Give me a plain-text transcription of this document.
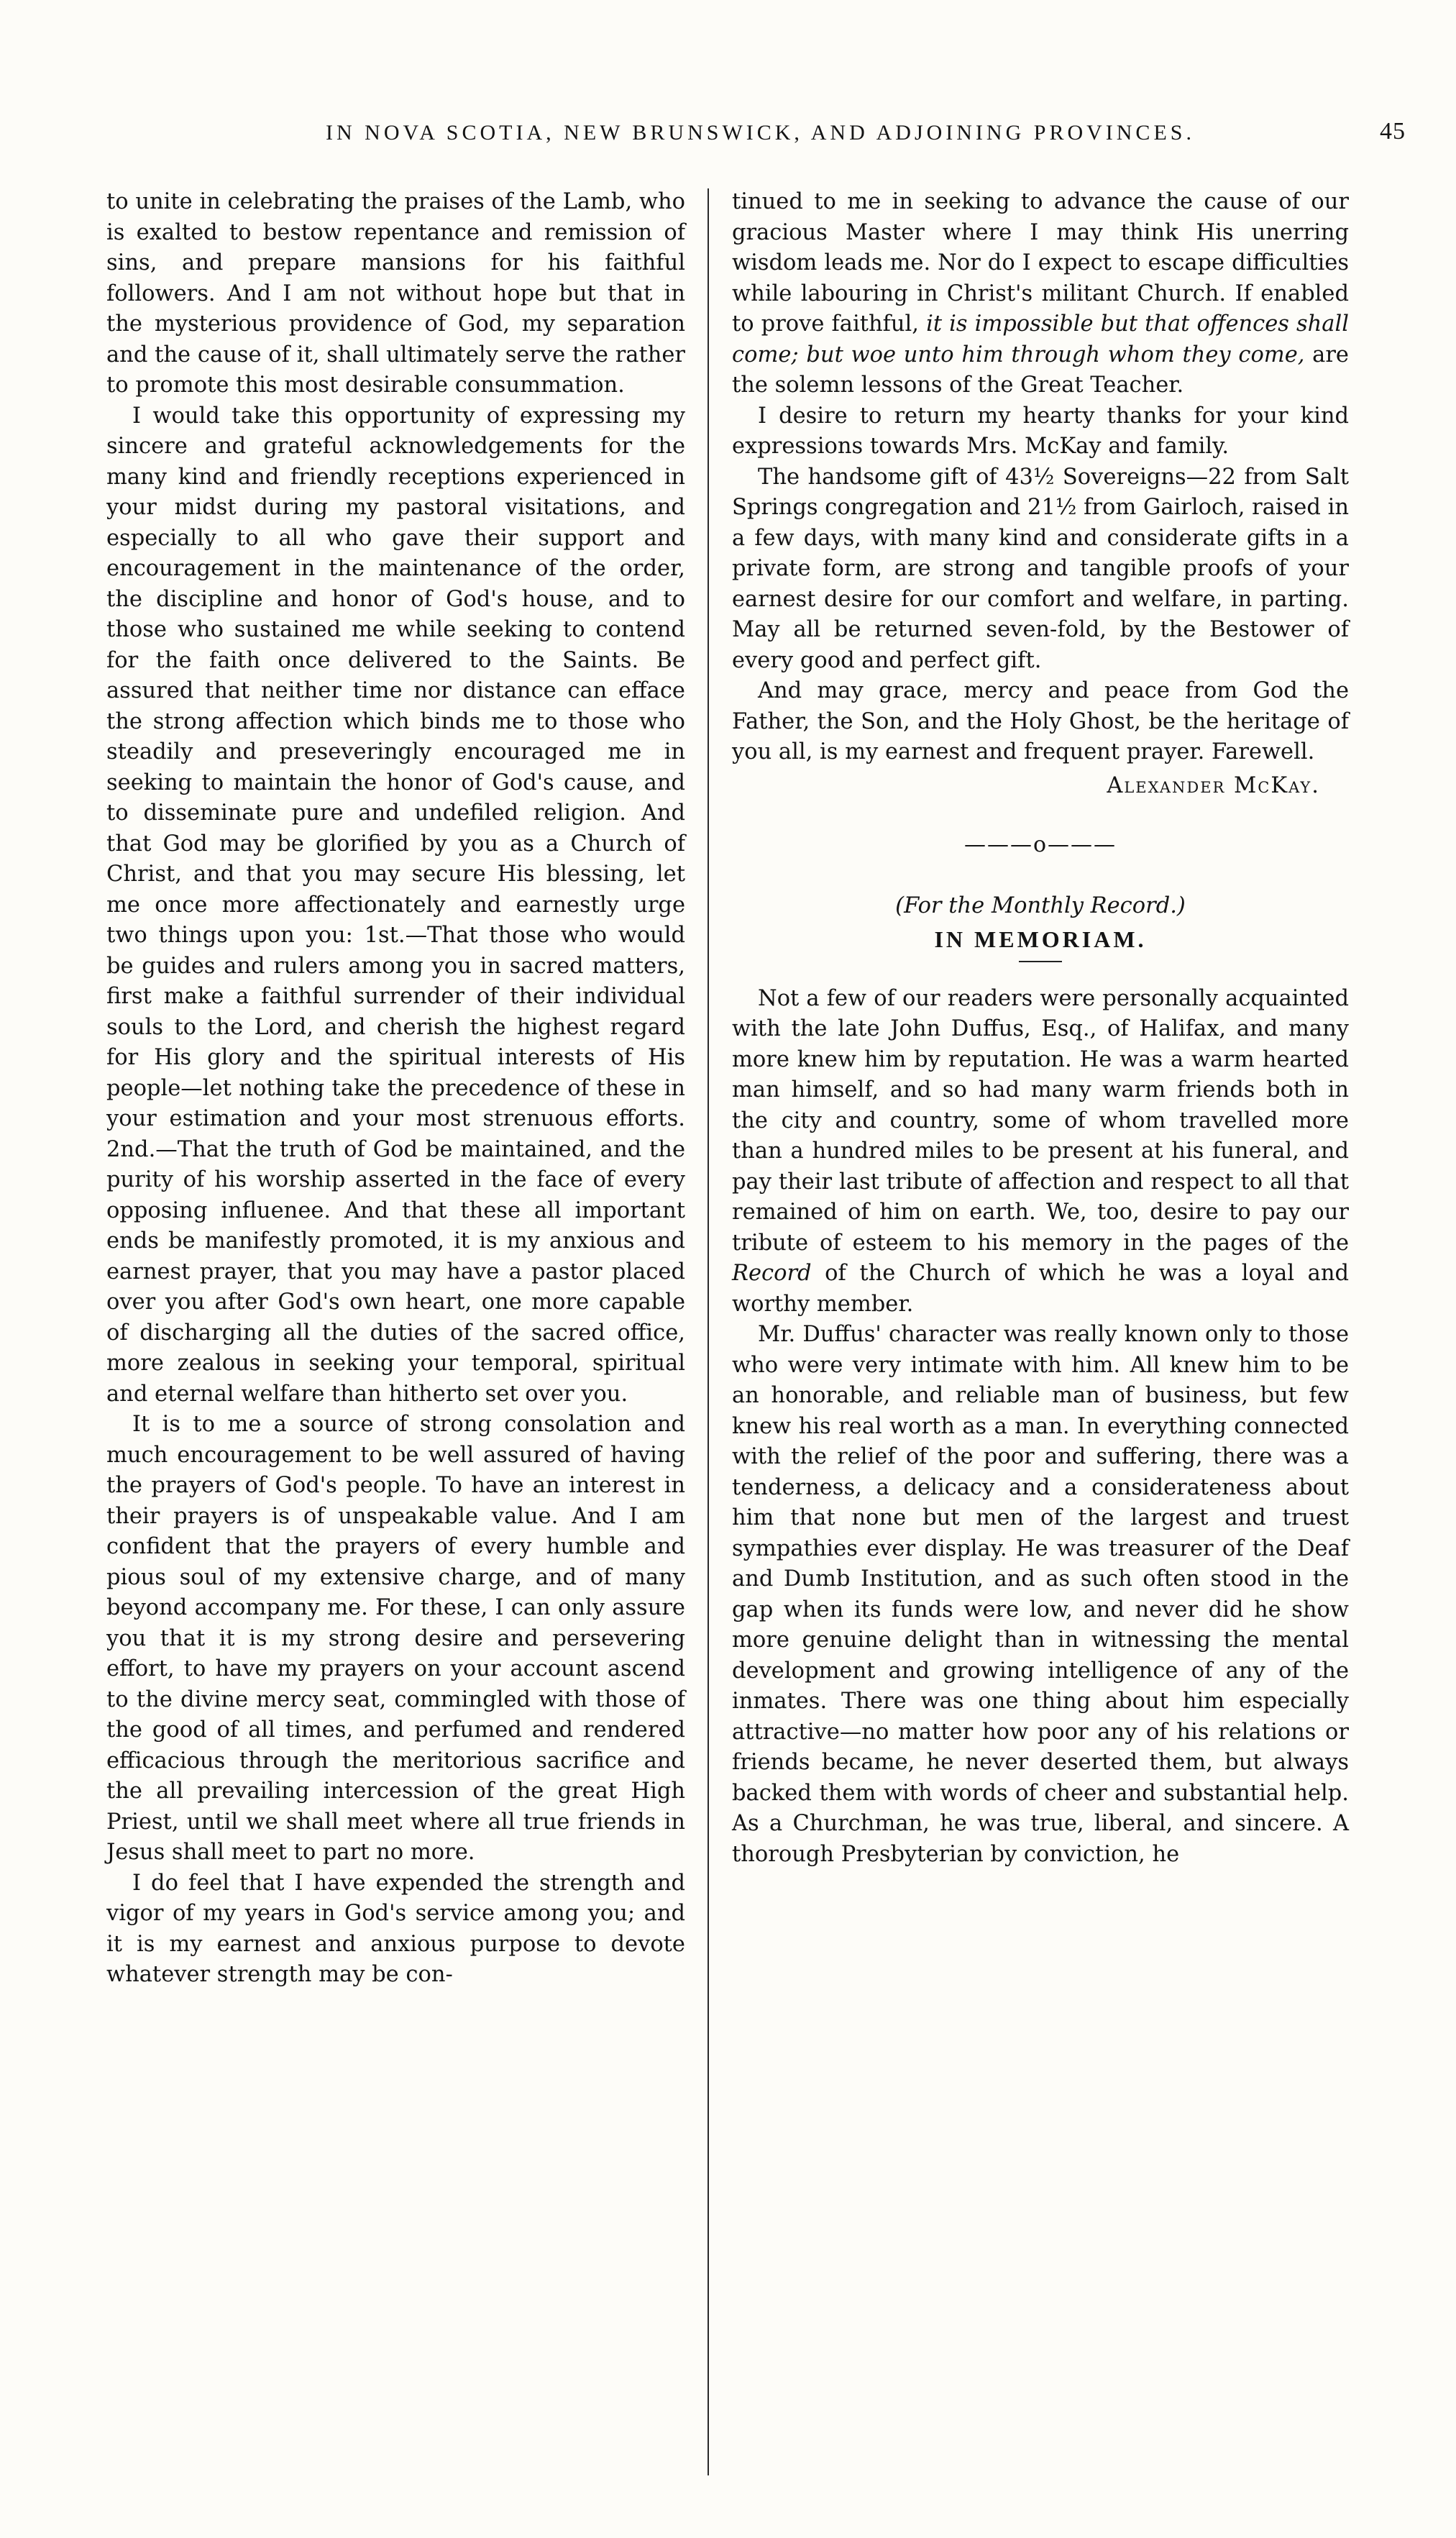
IN NOVA SCOTIA, NEW BRUNSWICK, AND ADJOINING PROVINCES.	45

to unite in celebrating the praises of the Lamb, who is exalted to bestow repentance and remission of sins, and prepare mansions for his faithful followers. And I am not without hope but that in the mysterious providence of God, my separation and the cause of it, shall ultimately serve the rather to promote this most desirable consummation.

I would take this opportunity of expressing my sincere and grateful acknowledgements for the many kind and friendly receptions experienced in your midst during my pastoral visitations, and especially to all who gave their support and encouragement in the maintenance of the order, the discipline and honor of God's house, and to those who sustained me while seeking to contend for the faith once delivered to the Saints. Be assured that neither time nor distance can efface the strong affection which binds me to those who steadily and preseveringly encouraged me in seeking to maintain the honor of God's cause, and to disseminate pure and undefiled religion. And that God may be glorified by you as a Church of Christ, and that you may secure His blessing, let me once more affectionately and earnestly urge two things upon you: 1st.—That those who would be guides and rulers among you in sacred matters, first make a faithful surrender of their individual souls to the Lord, and cherish the highest regard for His glory and the spiritual interests of His people—let nothing take the precedence of these in your estimation and your most strenuous efforts. 2nd.—That the truth of God be maintained, and the purity of his worship asserted in the face of every opposing influenee. And that these all important ends be manifestly promoted, it is my anxious and earnest prayer, that you may have a pastor placed over you after God's own heart, one more capable of discharging all the duties of the sacred office, more zealous in seeking your temporal, spiritual and eternal welfare than hitherto set over you.

It is to me a source of strong consolation and much encouragement to be well assured of having the prayers of God's people. To have an interest in their prayers is of unspeakable value. And I am confident that the prayers of every humble and pious soul of my extensive charge, and of many beyond accompany me. For these, I can only assure you that it is my strong desire and persevering effort, to have my prayers on your account ascend to the divine mercy seat, commingled with those of the good of all times, and perfumed and rendered efficacious through the meritorious sacrifice and the all prevailing intercession of the great High Priest, until we shall meet where all true friends in Jesus shall meet to part no more.

I do feel that I have expended the strength and vigor of my years in God's service among you; and it is my earnest and anxious purpose to devote whatever strength may be con-

tinued to me in seeking to advance the cause of our gracious Master where I may think His unerring wisdom leads me. Nor do I expect to escape difficulties while labouring in Christ's militant Church. If enabled to prove faithful, it is impossible but that offences shall come; but woe unto him through whom they come, are the solemn lessons of the Great Teacher.

I desire to return my hearty thanks for your kind expressions towards Mrs. McKay and family.

The handsome gift of 43½ Sovereigns—22 from Salt Springs congregation and 21½ from Gairloch, raised in a few days, with many kind and considerate gifts in a private form, are strong and tangible proofs of your earnest desire for our comfort and welfare, in parting. May all be returned seven-fold, by the Bestower of every good and perfect gift.

And may grace, mercy and peace from God the Father, the Son, and the Holy Ghost, be the heritage of you all, is my earnest and frequent prayer. Farewell.

Alexander McKay.
———o———
(For the Monthly Record.)
IN MEMORIAM.

Not a few of our readers were personally acquainted with the late John Duffus, Esq., of Halifax, and many more knew him by reputation. He was a warm hearted man himself, and so had many warm friends both in the city and country, some of whom travelled more than a hundred miles to be present at his funeral, and pay their last tribute of affection and respect to all that remained of him on earth. We, too, desire to pay our tribute of esteem to his memory in the pages of the Record of the Church of which he was a loyal and worthy member.

Mr. Duffus' character was really known only to those who were very intimate with him. All knew him to be an honorable, and reliable man of business, but few knew his real worth as a man. In everything connected with the relief of the poor and suffering, there was a tenderness, a delicacy and a considerateness about him that none but men of the largest and truest sympathies ever display. He was treasurer of the Deaf and Dumb Institution, and as such often stood in the gap when its funds were low, and never did he show more genuine delight than in witnessing the mental development and growing intelligence of any of the inmates. There was one thing about him especially attractive—no matter how poor any of his relations or friends became, he never deserted them, but always backed them with words of cheer and substantial help. As a Churchman, he was true, liberal, and sincere. A thorough Presbyterian by conviction, he
